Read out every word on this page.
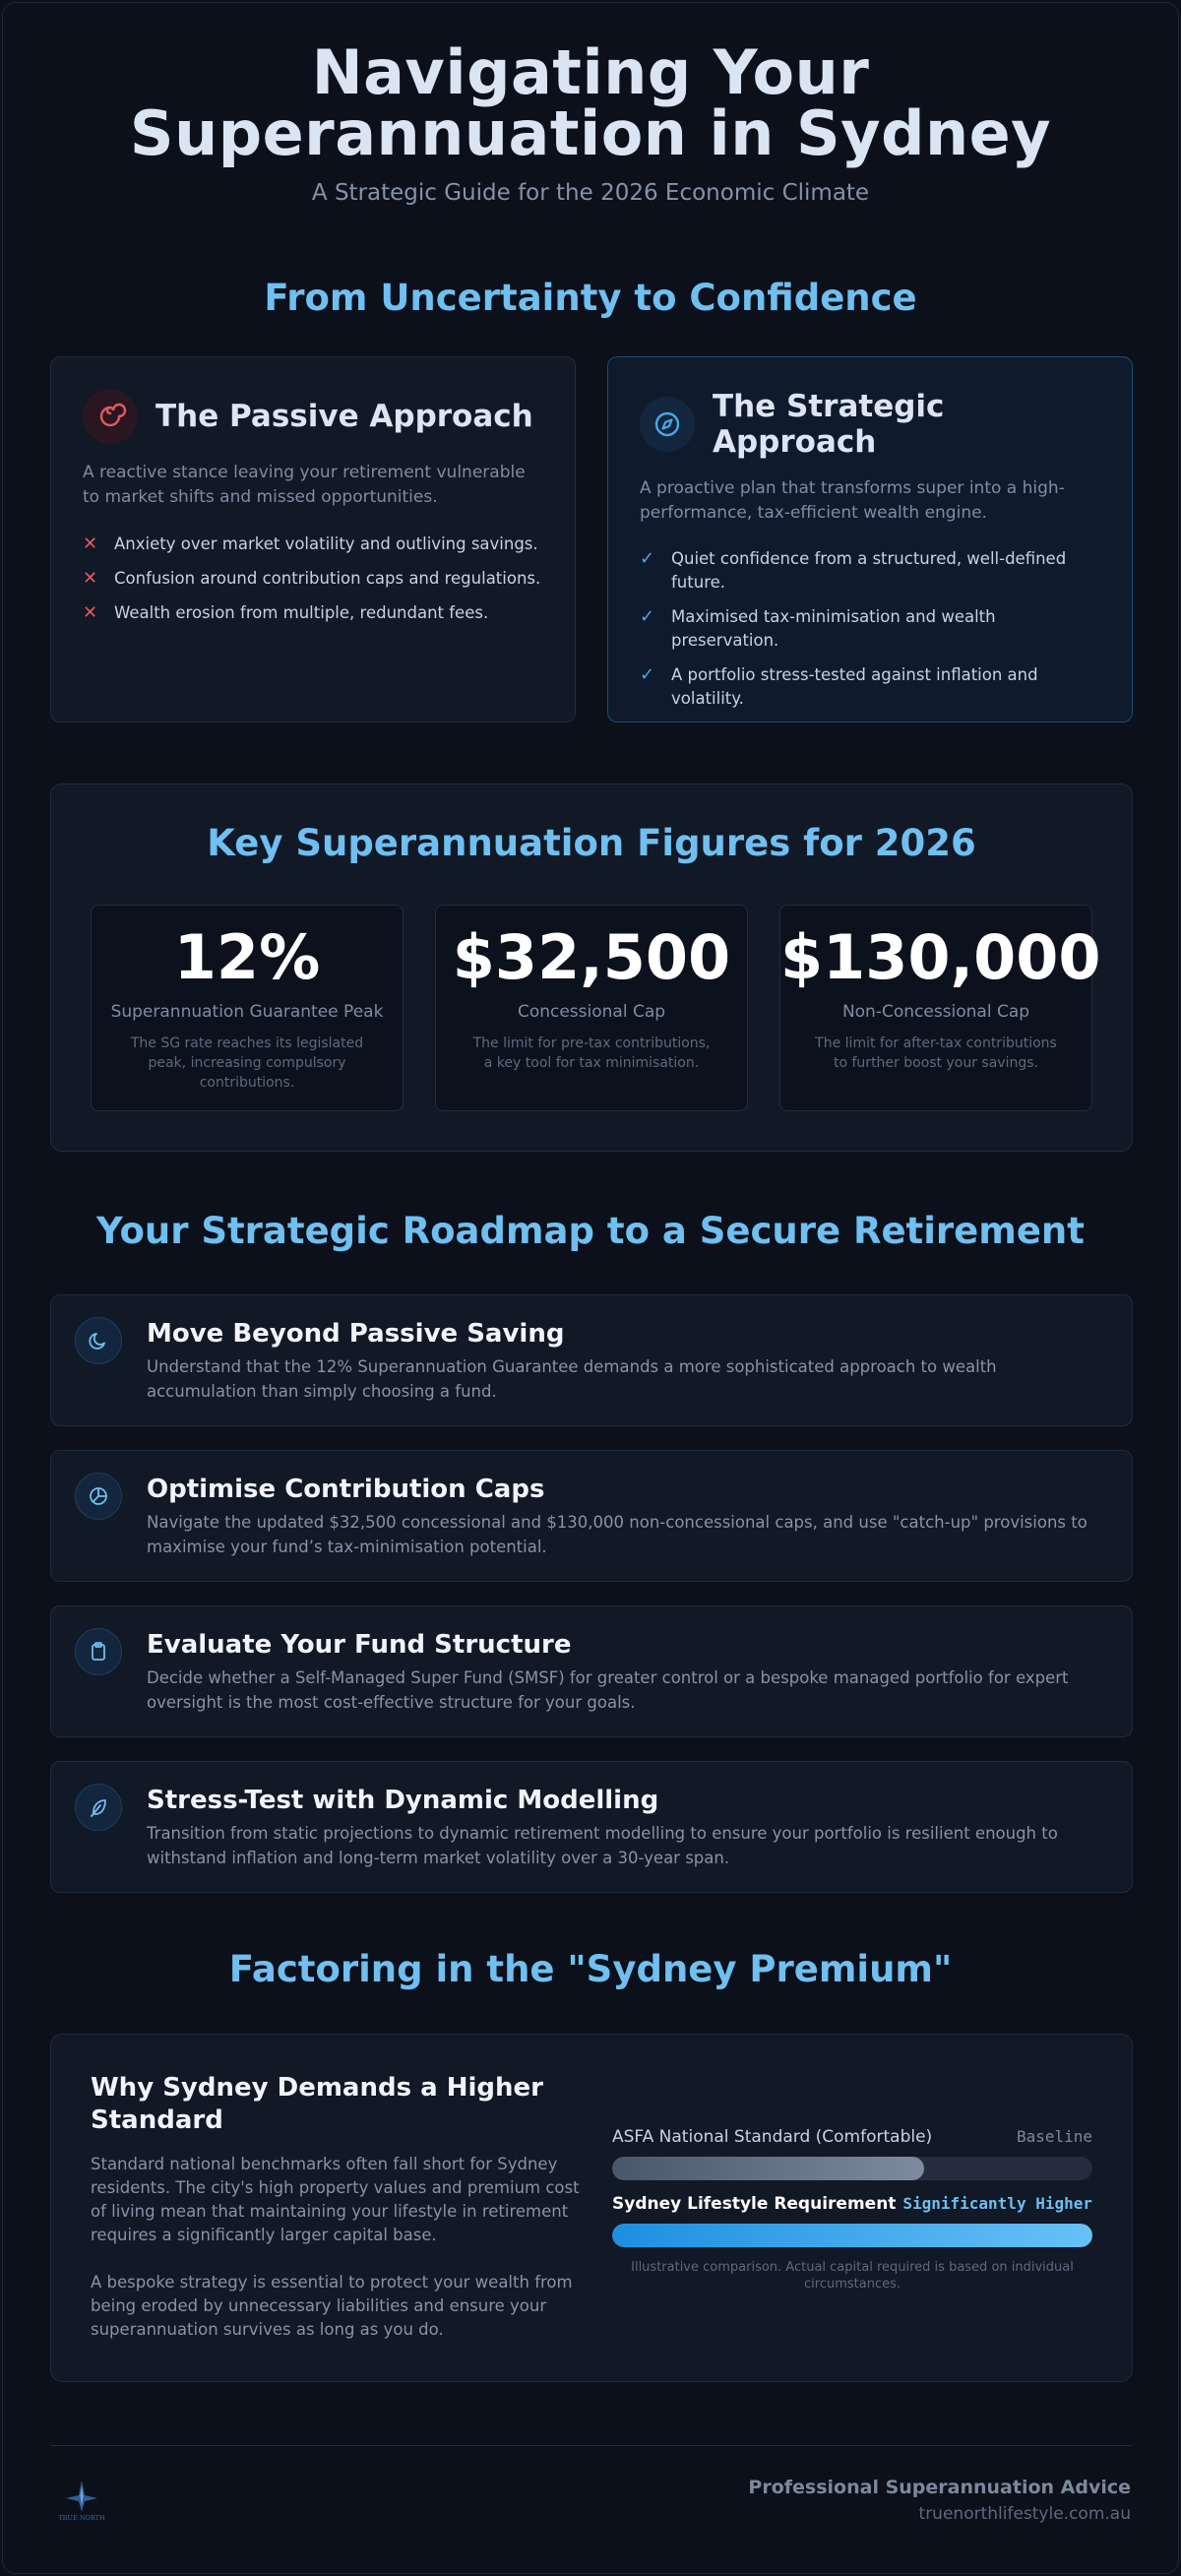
Navigating Your
Superannuation in Sydney
A Strategic Guide for the 2026 Economic Climate
From Uncertainty to Confidence
The Passive Approach
A reactive stance leaving your retirement vulnerable to market shifts and missed opportunities.
✕	Anxiety over market volatility and outliving savings.
✕	Confusion around contribution caps and regulations.
✕	Wealth erosion from multiple, redundant fees.
The Strategic Approach
A proactive plan that transforms super into a high-performance, tax-efficient wealth engine.
✓	Quiet confidence from a structured, well-defined future.
✓	Maximised tax-minimisation and wealth preservation.
✓	A portfolio stress-tested against inflation and volatility.
Key Superannuation Figures for 2026
12%
Superannuation Guarantee Peak
The SG rate reaches its legislated peak, increasing compulsory contributions.
$32,500
Concessional Cap
The limit for pre-tax contributions, a key tool for tax minimisation.
$130,000
Non-Concessional Cap
The limit for after-tax contributions to further boost your savings.
Your Strategic Roadmap to a Secure Retirement
Move Beyond Passive Saving
Understand that the 12% Superannuation Guarantee demands a more sophisticated approach to wealth accumulation than simply choosing a fund.
Optimise Contribution Caps
Navigate the updated $32,500 concessional and $130,000 non-concessional caps, and use "catch-up" provisions to maximise your fund’s tax-minimisation potential.
Evaluate Your Fund Structure
Decide whether a Self-Managed Super Fund (SMSF) for greater control or a bespoke managed portfolio for expert oversight is the most cost-effective structure for your goals.
Stress-Test with Dynamic Modelling
Transition from static projections to dynamic retirement modelling to ensure your portfolio is resilient enough to withstand inflation and long-term market volatility over a 30-year span.
Factoring in the "Sydney Premium"
Why Sydney Demands a Higher Standard
Standard national benchmarks often fall short for Sydney residents. The city's high property values and premium cost of living mean that maintaining your lifestyle in retirement requires a significantly larger capital base.
A bespoke strategy is essential to protect your wealth from being eroded by unnecessary liabilities and ensure your superannuation survives as long as you do.
ASFA National Standard (Comfortable)	Baseline
Sydney Lifestyle Requirement Significantly Higher
Illustrative comparison. Actual capital required is based on individual circumstances.
TRUE NORTH
Professional Superannuation Advice
truenorthlifestyle.com.au
